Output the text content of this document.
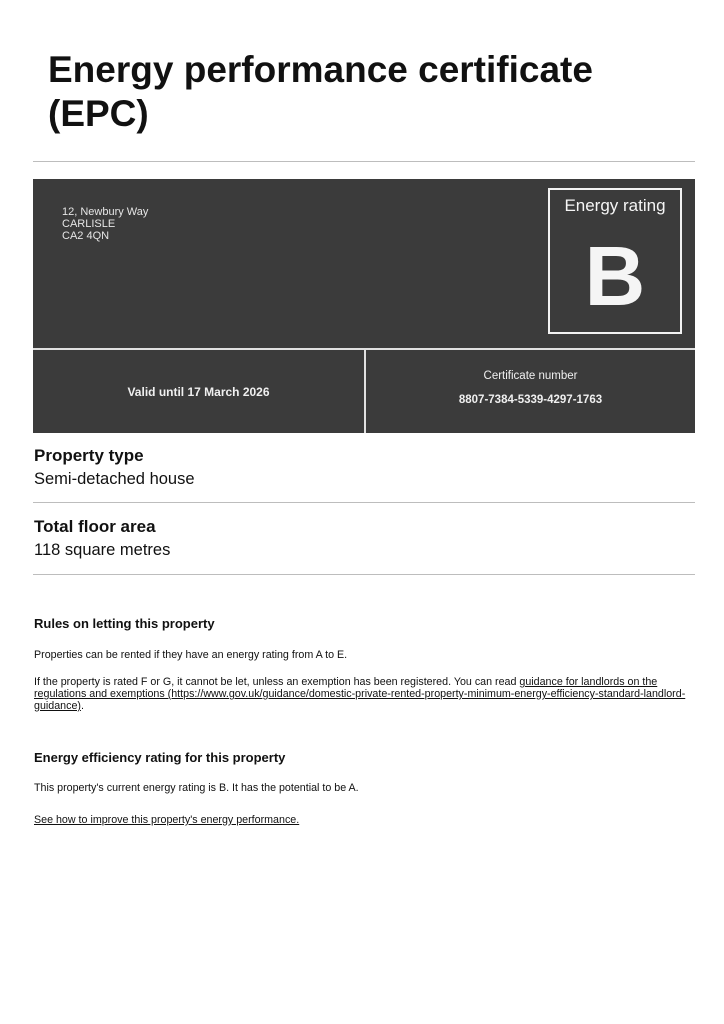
Energy performance certificate (EPC)
12, Newbury Way
CARLISLE
CA2 4QN
Energy rating
B
Valid until 17 March 2026
Certificate number
8807-7384-5339-4297-1763
Property type
Semi-detached house
Total floor area
118 square metres
Rules on letting this property
Properties can be rented if they have an energy rating from A to E.
If the property is rated F or G, it cannot be let, unless an exemption has been registered. You can read guidance for landlords on the regulations and exemptions (https://www.gov.uk/guidance/domestic-private-rented-property-minimum-energy-efficiency-standard-landlord-guidance).
Energy efficiency rating for this property
This property's current energy rating is B. It has the potential to be A.
See how to improve this property's energy performance.
